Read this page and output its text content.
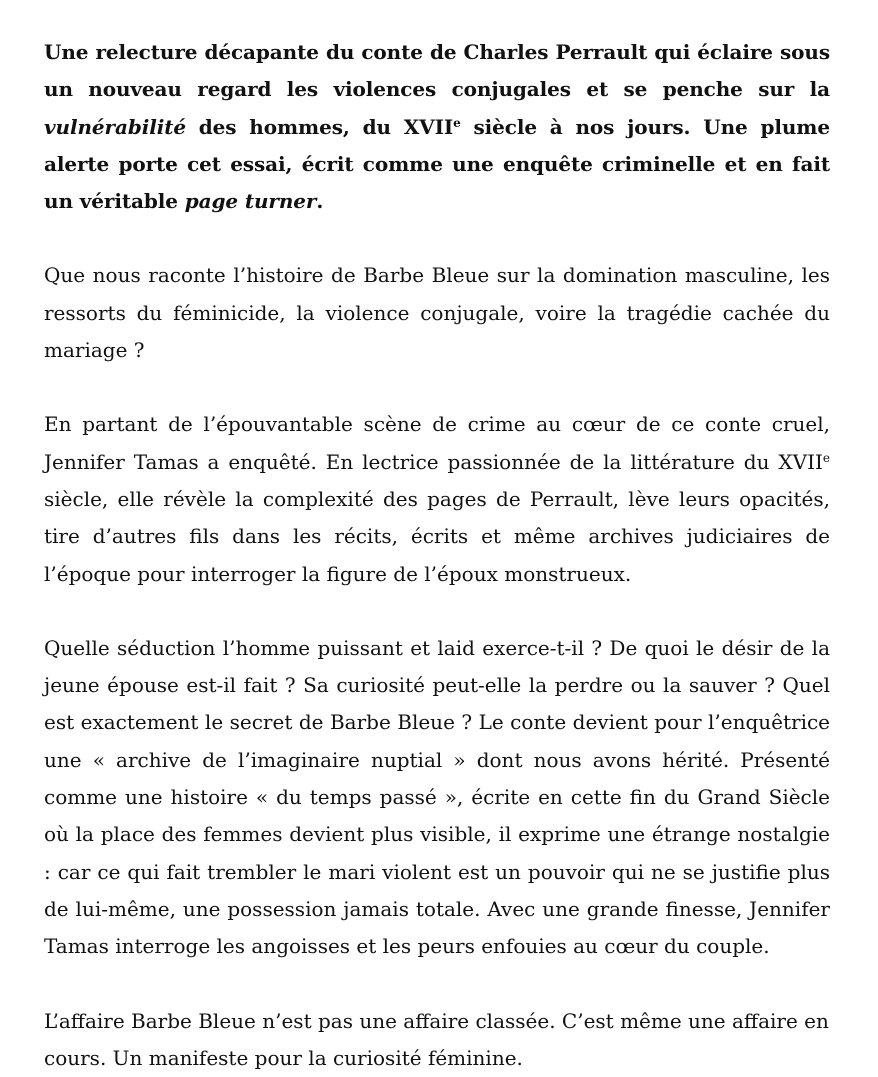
Une relecture décapante du conte de Charles Perrault qui éclaire sous un nouveau regard les violences conjugales et se penche sur la vulnérabilité des hommes, du XVIIe siècle à nos jours. Une plume alerte porte cet essai, écrit comme une enquête criminelle et en fait un véritable page turner.

Que nous raconte l’histoire de Barbe Bleue sur la domination masculine, les ressorts du féminicide, la violence conjugale, voire la tragédie cachée du mariage ?

En partant de l’épouvantable scène de crime au cœur de ce conte cruel, Jennifer Tamas a enquêté. En lectrice passionnée de la littérature du XVIIe siècle, elle révèle la complexité des pages de Perrault, lève leurs opacités, tire d’autres fils dans les récits, écrits et même archives judiciaires de l’époque pour interroger la figure de l’époux monstrueux.

Quelle séduction l’homme puissant et laid exerce-t-il ? De quoi le désir de la jeune épouse est-il fait ? Sa curiosité peut-elle la perdre ou la sauver ? Quel est exactement le secret de Barbe Bleue ? Le conte devient pour l’enquêtrice une « archive de l’imaginaire nuptial » dont nous avons hérité. Présenté comme une histoire « du temps passé », écrite en cette fin du Grand Siècle où la place des femmes devient plus visible, il exprime une étrange nostalgie : car ce qui fait trembler le mari violent est un pouvoir qui ne se justifie plus de lui-même, une possession jamais totale. Avec une grande finesse, Jennifer Tamas interroge les angoisses et les peurs enfouies au cœur du couple.

L’affaire Barbe Bleue n’est pas une affaire classée. C’est même une affaire en cours. Un manifeste pour la curiosité féminine.
